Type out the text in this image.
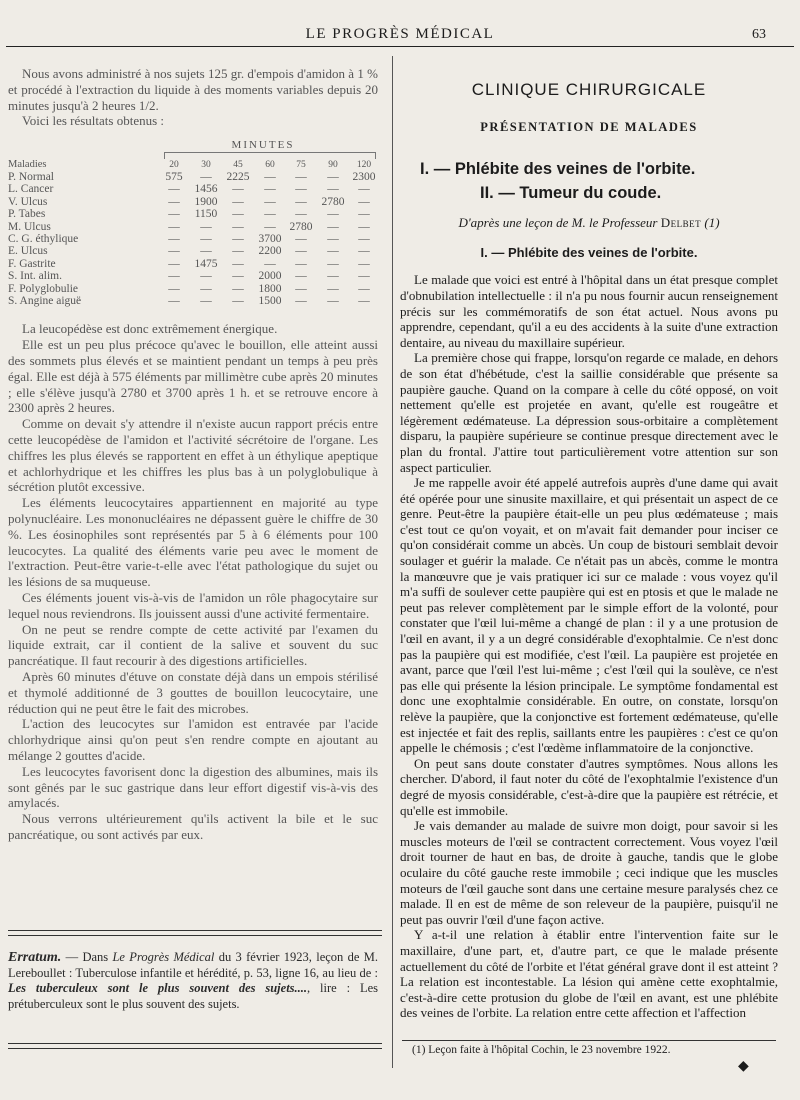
LE PROGRÈS MÉDICAL	63

Nous avons administré à nos sujets 125 gr. d'empois d'amidon à 1 % et procédé à l'extraction du liquide à des moments variables depuis 20 minutes jusqu'à 2 heures 1/2.

Voici les résultats obtenus :

MINUTES
Maladies	20	30	45	60	75	90	120
P. Normal	575	—	2225	—	—	—	2300
L. Cancer	—	1456	—	—	—	—	—
V. Ulcus	—	1900	—	—	—	2780	—
P. Tabes	—	1150	—	—	—	—	—
M. Ulcus	—	—	—	—	2780	—	—
C. G. éthylique	—	—	—	3700	—	—	—
E. Ulcus	—	—	—	2200	—	—	—
F. Gastrite	—	1475	—	—	—	—	—
S. Int. alim.	—	—	—	2000	—	—	—
F. Polyglobulie	—	—	—	1800	—	—	—
S. Angine aiguë	—	—	—	1500	—	—	—

La leucopédèse est donc extrêmement énergique.

Elle est un peu plus précoce qu'avec le bouillon, elle atteint aussi des sommets plus élevés et se maintient pendant un temps à peu près égal. Elle est déjà à 575 éléments par millimètre cube après 20 minutes ; elle s'élève jusqu'à 2780 et 3700 après 1 h. et se retrouve encore à 2300 après 2 heures.

Comme on devait s'y attendre il n'existe aucun rapport précis entre cette leucopédèse de l'amidon et l'activité sécrétoire de l'organe. Les chiffres les plus élevés se rapportent en effet à un éthylique apeptique et achlorhydrique et les chiffres les plus bas à un polyglobulique à sécrétion plutôt excessive.

Les éléments leucocytaires appartiennent en majorité au type polynucléaire. Les mononucléaires ne dépassent guère le chiffre de 30 %. Les éosinophiles sont représentés par 5 à 6 éléments pour 100 leucocytes. La qualité des éléments varie peu avec le moment de l'extraction. Peut-être varie-t-elle avec l'état pathologique du sujet ou les lésions de sa muqueuse.

Ces éléments jouent vis-à-vis de l'amidon un rôle phagocytaire sur lequel nous reviendrons. Ils jouissent aussi d'une activité fermentaire.

On ne peut se rendre compte de cette activité par l'examen du liquide extrait, car il contient de la salive et souvent du suc pancréatique. Il faut recourir à des digestions artificielles.

Après 60 minutes d'étuve on constate déjà dans un empois stérilisé et thymolé additionné de 3 gouttes de bouillon leucocytaire, une réduction qui ne peut être le fait des microbes.

L'action des leucocytes sur l'amidon est entravée par l'acide chlorhydrique ainsi qu'on peut s'en rendre compte en ajoutant au mélange 2 gouttes d'acide.

Les leucocytes favorisent donc la digestion des albumines, mais ils sont gênés par le suc gastrique dans leur effort digestif vis-à-vis des amylacés.

Nous verrons ultérieurement qu'ils activent la bile et le suc pancréatique, ou sont activés par eux.

Erratum. — Dans Le Progrès Médical du 3 février 1923, leçon de M. Lereboullet : Tuberculose infantile et hérédité, p. 53, ligne 16, au lieu de : Les tuberculeux sont le plus souvent des sujets...., lire : Les prétuberculeux sont le plus souvent des sujets.
CLINIQUE CHIRURGICALE
PRÉSENTATION DE MALADES
I. — Phlébite des veines de l'orbite.
II. — Tumeur du coude.
D'après une leçon de M. le Professeur Delbet (1)
I. — Phlébite des veines de l'orbite.

Le malade que voici est entré à l'hôpital dans un état presque complet d'obnubilation intellectuelle : il n'a pu nous fournir aucun renseignement précis sur les commémoratifs de son état actuel. Nous avons pu apprendre, cependant, qu'il a eu des accidents à la suite d'une extraction dentaire, au niveau du maxillaire supérieur.

La première chose qui frappe, lorsqu'on regarde ce malade, en dehors de son état d'hébétude, c'est la saillie considérable que présente sa paupière gauche. Quand on la compare à celle du côté opposé, on voit nettement qu'elle est projetée en avant, qu'elle est rougeâtre et légèrement œdémateuse. La dépression sous-orbitaire a complètement disparu, la paupière supérieure se continue presque directement avec le plan du frontal. J'attire tout particulièrement votre attention sur son aspect particulier.

Je me rappelle avoir été appelé autrefois auprès d'une dame qui avait été opérée pour une sinusite maxillaire, et qui présentait un aspect de ce genre. Peut-être la paupière était-elle un peu plus œdémateuse ; mais c'est tout ce qu'on voyait, et on m'avait fait demander pour inciser ce qu'on considérait comme un abcès. Un coup de bistouri semblait devoir soulager et guérir la malade. Ce n'était pas un abcès, comme le montra la manœuvre que je vais pratiquer ici sur ce malade : vous voyez qu'il m'a suffi de soulever cette paupière qui est en ptosis et que le malade ne peut pas relever complètement par le simple effort de la volonté, pour constater que l'œil lui-même a changé de plan : il y a une protusion de l'œil en avant, il y a un degré considérable d'exophtalmie. Ce n'est donc pas la paupière qui est modifiée, c'est l'œil. La paupière est projetée en avant, parce que l'œil l'est lui-même ; c'est l'œil qui la soulève, ce n'est pas elle qui présente la lésion principale. Le symptôme fondamental est donc une exophtalmie considérable. En outre, on constate, lorsqu'on relève la paupière, que la conjonctive est fortement œdémateuse, qu'elle est injectée et fait des replis, saillants entre les paupières : c'est ce qu'on appelle le chémosis ; c'est l'œdème inflammatoire de la conjonctive.

On peut sans doute constater d'autres symptômes. Nous allons les chercher. D'abord, il faut noter du côté de l'exophtalmie l'existence d'un degré de myosis considérable, c'est-à-dire que la paupière est rétrécie, et qu'elle est immobile.

Je vais demander au malade de suivre mon doigt, pour savoir si les muscles moteurs de l'œil se contractent correctement. Vous voyez l'œil droit tourner de haut en bas, de droite à gauche, tandis que le globe oculaire du côté gauche reste immobile ; ceci indique que les muscles moteurs de l'œil gauche sont dans une certaine mesure paralysés chez ce malade. Il en est de même de son releveur de la paupière, puisqu'il ne peut pas ouvrir l'œil d'une façon active.

Y a-t-il une relation à établir entre l'intervention faite sur le maxillaire, d'une part, et, d'autre part, ce que le malade présente actuellement du côté de l'orbite et l'état général grave dont il est atteint ? La relation est incontestable. La lésion qui amène cette exophtalmie, c'est-à-dire cette protusion du globe de l'œil en avant, est une phlébite des veines de l'orbite. La relation entre cette affection et l'affection

(1) Leçon faite à l'hôpital Cochin, le 23 novembre 1922.
◆
